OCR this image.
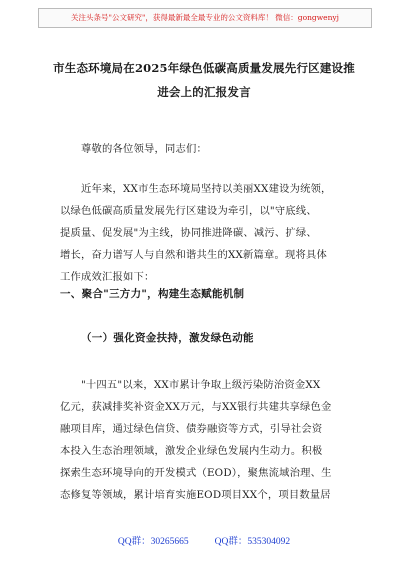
关注头条号"公文研究"，获得最新最全最专业的公文资料库！ 微信：gongwenyj
市生态环境局在2025年绿色低碳高质量发展先行区建设推
进会上的汇报发言
尊敬的各位领导，同志们：
近年来，XX市生态环境局坚持以美丽XX建设为统领，
以绿色低碳高质量发展先行区建设为牵引，以"守底线、
提质量、促发展"为主线，协同推进降碳、减污、扩绿、
增长，奋力谱写人与自然和谐共生的XX新篇章。现将具体
工作成效汇报如下：
一、聚合"三方力"，构建生态赋能机制
（一）强化资金扶持，激发绿色动能
"十四五"以来，XX市累计争取上级污染防治资金XX
亿元，获减排奖补资金XX万元，与XX银行共建共享绿色金
融项目库，通过绿色信贷、债券融资等方式，引导社会资
本投入生态治理领域，激发企业绿色发展内生动力。积极
探索生态环境导向的开发模式（EOD），聚焦流域治理、生
态修复等领域，累计培育实施EOD项目XX个，项目数量居
QQ群：30265665	QQ群：535304092
